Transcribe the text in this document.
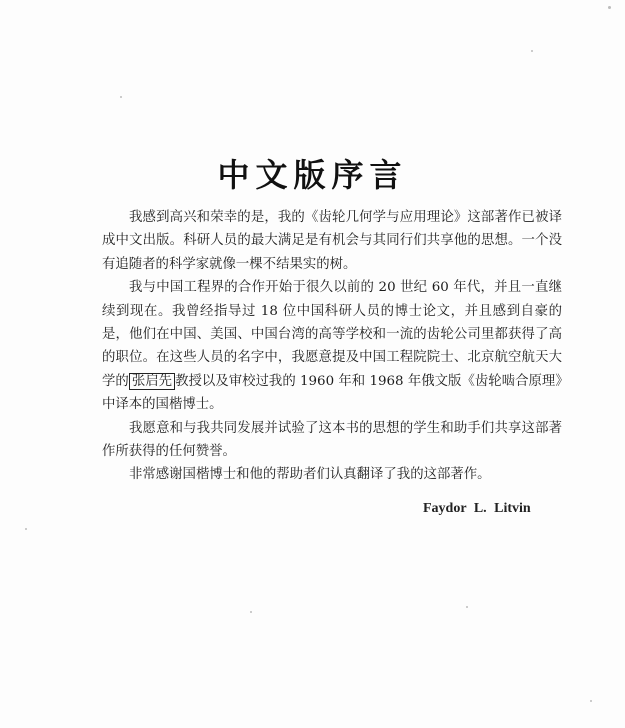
中文版序言

我感到高兴和荣幸的是，我的《齿轮几何学与应用理论》这部著作已被译成中文出版。科研人员的最大满足是有机会与其同行们共享他的思想。一个没有追随者的科学家就像一棵不结果实的树。

我与中国工程界的合作开始于很久以前的 20 世纪 60 年代，并且一直继续到现在。我曾经指导过 18 位中国科研人员的博士论文，并且感到自豪的是，他们在中国、美国、中国台湾的高等学校和一流的齿轮公司里都获得了高的职位。在这些人员的名字中，我愿意提及中国工程院院士、北京航空航天大学的 张启先 教授以及审校过我的 1960 年和 1968 年俄文版《齿轮啮合原理》中译本的国楷博士。

我愿意和与我共同发展并试验了这本书的思想的学生和助手们共享这部著作所获得的任何赞誉。

非常感谢国楷博士和他的帮助者们认真翻译了我的这部著作。

Faydor L. Litvin
